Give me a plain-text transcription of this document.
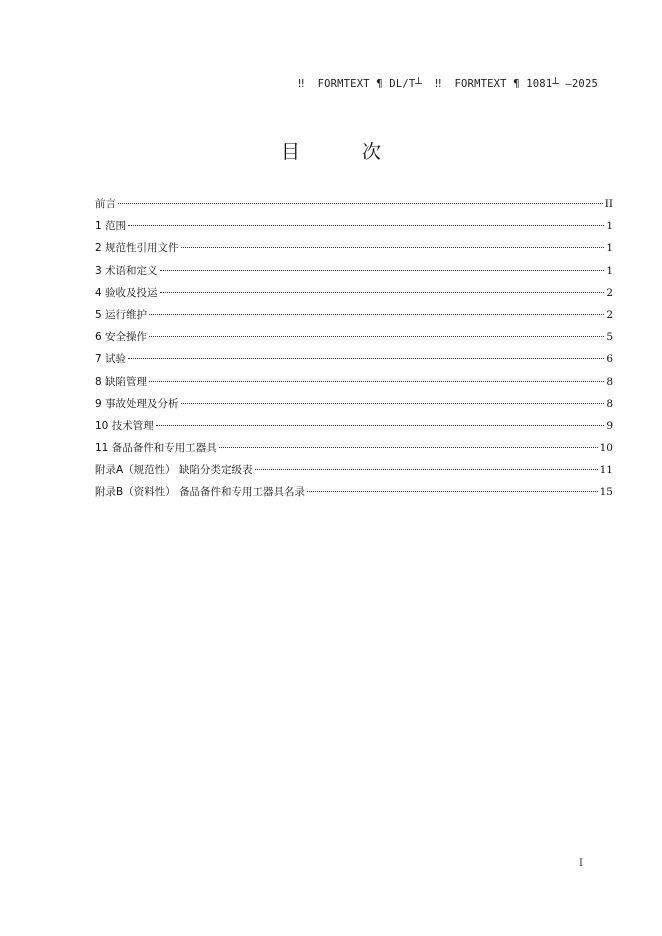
‼  FORMTEXT ¶ DL/T┴  ‼  FORMTEXT ¶ 1081┴ —2025
目 次
前言	II
1 范围	1
2 规范性引用文件	1
3 术语和定义	1
4 验收及投运	2
5 运行维护	2
6 安全操作	5
7 试验	6
8 缺陷管理	8
9 事故处理及分析	8
10 技术管理	9
11 备品备件和专用工器具	10
附录A（规范性） 缺陷分类定级表	11
附录B（资料性） 备品备件和专用工器具名录	15
I
